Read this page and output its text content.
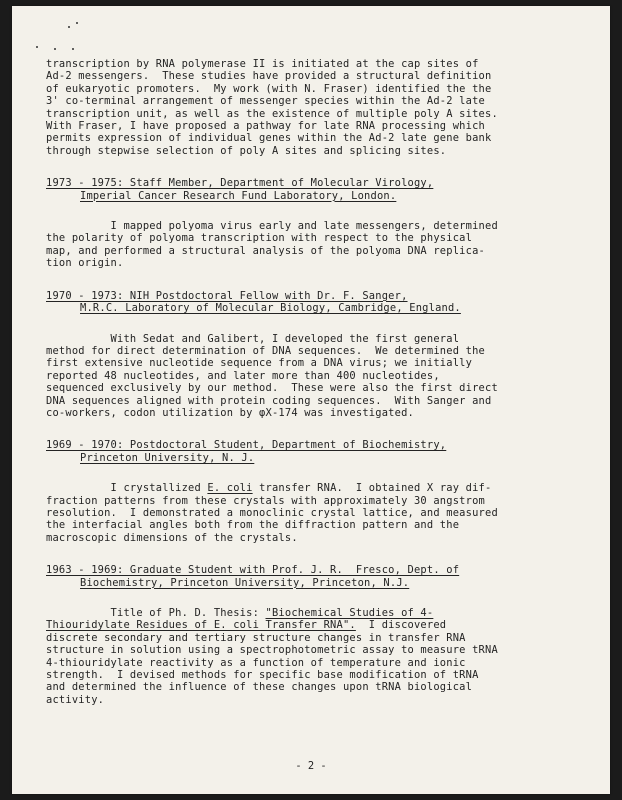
transcription by RNA polymerase II is initiated at the cap sites of
Ad-2 messengers.  These studies have provided a structural definition
of eukaryotic promoters.  My work (with N. Fraser) identified the the
3' co-terminal arrangement of messenger species within the Ad-2 late
transcription unit, as well as the existence of multiple poly A sites.
With Fraser, I have proposed a pathway for late RNA processing which
permits expression of individual genes within the Ad-2 late gene bank
through stepwise selection of poly A sites and splicing sites.
1973 - 1975: Staff Member, Department of Molecular Virology,
Imperial Cancer Research Fund Laboratory, London.
I mapped polyoma virus early and late messengers, determined
the polarity of polyoma transcription with respect to the physical
map, and performed a structural analysis of the polyoma DNA replica-
tion origin.
1970 - 1973: NIH Postdoctoral Fellow with Dr. F. Sanger,
M.R.C. Laboratory of Molecular Biology, Cambridge, England.
With Sedat and Galibert, I developed the first general
method for direct determination of DNA sequences.  We determined the
first extensive nucleotide sequence from a DNA virus; we initially
reported 48 nucleotides, and later more than 400 nucleotides,
sequenced exclusively by our method.  These were also the first direct
DNA sequences aligned with protein coding sequences.  With Sanger and
co-workers, codon utilization by φX-174 was investigated.
1969 - 1970: Postdoctoral Student, Department of Biochemistry,
Princeton University, N. J.
I crystallized E. coli transfer RNA.  I obtained X ray dif-
fraction patterns from these crystals with approximately 30 angstrom
resolution.  I demonstrated a monoclinic crystal lattice, and measured
the interfacial angles both from the diffraction pattern and the
macroscopic dimensions of the crystals.
1963 - 1969: Graduate Student with Prof. J. R.  Fresco, Dept. of
Biochemistry, Princeton University, Princeton, N.J.
Title of Ph. D. Thesis: "Biochemical Studies of 4-
Thiouridylate Residues of E. coli Transfer RNA".  I discovered
discrete secondary and tertiary structure changes in transfer RNA
structure in solution using a spectrophotometric assay to measure tRNA
4-thiouridylate reactivity as a function of temperature and ionic
strength.  I devised methods for specific base modification of tRNA
and determined the influence of these changes upon tRNA biological
activity.
- 2 -
